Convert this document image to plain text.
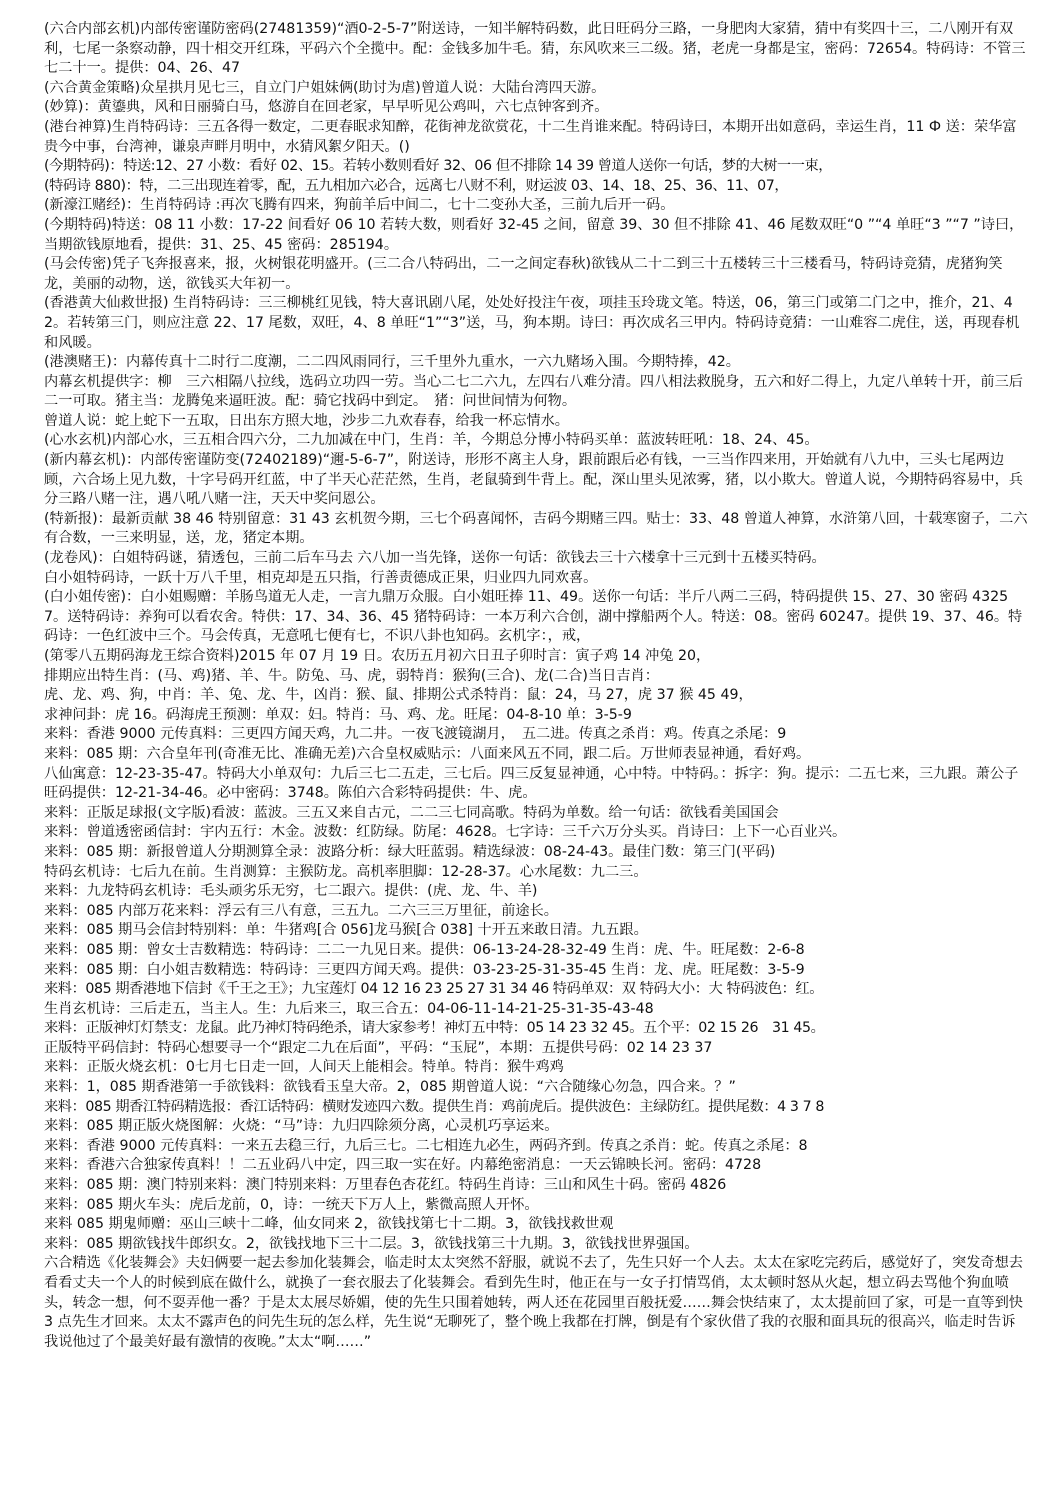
(六合内部玄机)内部传密谨防密码(27481359)“酒0-2-5-7”附送诗，一知半解特码数，此日旺码分三路，一身肥肉大家猜，猜中有奖四十三，二八刚开有双利，七尾一条察动静，四十相交开红珠，平码六个全揽中。配：金钱多加牛毛。猜，东风吹来三二级。猪，老虎一身都是宝，密码：72654。特码诗：不管三七二十一。提供：04、26、47

(六合黄金策略)众星拱月见七三，自立门户姐妹俩(助讨为虐)曾道人说：大陆台湾四天游。

(妙算)：黄鎏典，风和日丽骑白马，悠游自在回老家，早早听见公鸡叫，六七点钟客到齐。

(港台神算)生肖特码诗：三五各得一数定，二更春眠求知醉，花街神龙欲赏花，十二生肖谁来配。特码诗曰，本期开出如意码，幸运生肖，11 Ф 送：荣华富贵今中事，台湾神，谦泉声畔月明中，水猜风絮夕阳天。()

(今期特码)：特送:12、27 小数：看好 02、15。若转小数则看好 32、06 但不排除 14 39 曾道人送你一句话，梦的大树一一束，

(特码诗 880)：特，二三出现连着零，配，五九相加六必合，远离七八财不利，财运波 03、14、18、25、36、11、07，

(新濠江赌经)：生肖特码诗 :再次飞腾有四来，狗前羊后中间二，七十二变孙大圣，三前九后开一码。

(今期特码)特送：08 11 小数：17-22 间看好 06 10 若转大数，则看好 32-45 之间，留意 39、30 但不排除 41、46 尾数双旺“0 ”“4 单旺“3 ”“7 ”诗曰，当期欲钱原地看，提供：31、25、45 密码：285194。

(马会传密)凭子飞奔报喜来，报，火树银花明盛开。(三二合八特码出，二一之间定春秋)欲钱从二十二到三十五楼转三十三楼看马，特码诗竞猜，虎猪狗笑龙，美丽的动物，送，欲钱买大年初一。

(香港黄大仙救世报) 生肖特码诗：三三柳桃红见钱，特大喜讯剧八尾，处处好投注午夜，项挂玉玲珑文笔。特送，06，第三门或第二门之中，推介，21、42。若转第三门，则应注意 22、17 尾数，双旺，4、8 单旺“1”“3”送，马，狗本期。诗曰：再次成名三甲内。特码诗竟猜：一山难容二虎住，送，再现春机和风暖。

(港澳赌王)：内幕传真十二时行二度潮，二二四风雨同行，三千里外九重水，一六九赌场入围。今期特捧，42。

内幕玄机提供字：柳　三六相隔八拉线，选码立功四一劳。当心二七二六九，左四右八难分清。四八相法救脱身，五六和好二得上，九定八单转十开，前三后二一可取。猪主当：龙腾兔来逼旺波。配：骑它找码中到定。　猪：问世间情为何物。

曾道人说：蛇上蛇下一五取，日出东方照大地，沙步二九欢春春，给我一杯忘情水。

(心水玄机)内部心水，三五相合四六分，二九加减在中门，生肖：羊，今期总分博小特码买单：蓝波转旺吼：18、24、45。

(新内幕玄机)：内部传密谨防变(72402189)“邇-5-6-7”，附送诗，形形不离主人身，跟前跟后必有钱，一三当作四来用，开始就有八九中，三头七尾两边顾，六合场上见九数，十字号码开红蓝，中了半天心茫茫然，生肖，老鼠骑到牛背上。配，深山里头见浓雾，猪，以小欺大。曾道人说，今期特码容易中，兵分三路八赌一注，遇八吼八赌一注，天天中奖问恩公。

(特新报)：最新贡献 38 46 特别留意：31 43 玄机贺今期，三七个码喜闻怀，吉码今期赌三四。贴士：33、48 曾道人神算，水浒第八回，十载寒窗子，二六有合数，一三来明显，送，龙，猪定本期。

(龙卷风)：白姐特码谜，猜透包，三前二后车马去 六八加一当先锋，送你一句话：欲钱去三十六楼拿十三元到十五楼买特码。

白小姐特码诗，一跃十万八千里，相克却是五只指，行善责德成正果，归业四九同欢喜。

(白小姐传密)：白小姐赐赠：羊肠鸟道无人走，一言九鼎万众服。白小姐旺捧 11、49。送你一句话：半斤八两二三码，特码提供 15、27、30 密码 43257。送特码诗：养狗可以看农舍。特供：17、34、36、45 猪特码诗：一本万利六合创，湖中撑船两个人。特送：08。密码 60247。提供 19、37、46。特码诗：一色红波中三个。马会传真，无意吼七便有七，不识八卦也知码。玄机字：，戒，

(第零八五期码海龙王综合资料)2015 年 07 月 19 日。农历五月初六日丑子卯时言：寅子鸡 14 冲兔 20，

排期应出特生肖：(马、鸡)猪、羊、牛。防兔、马、虎，弱特肖：猴狗(三合)、龙(二合)当日吉肖：

虎、龙、鸡、狗，中肖：羊、兔、龙、牛，凶肖：猴、鼠、排期公式杀特肖：鼠：24，马 27，虎 37 猴 45 49，

求神问卦：虎 16。码海虎王预测：单双：妇。特肖：马、鸡、龙。旺尾：04-8-10 单：3-5-9

来料：香港 9000 元传真料：三更四方闻天鸡，九二井。一夜飞渡镜湖月，　五二进。传真之杀肖：鸡。传真之杀尾：9

来料：085 期：六合皇年刊(奇准无比、准确无差)六合皇权威贴示：八面来风五不同，跟二后。万世师表显神通，看好鸡。

八仙寓意：12-23-35-47。特码大小单双句：九后三七二五走，三七后。四三反复显神通，心中特。中特码。：拆字：狗。提示：二五七来，三九跟。萧公子旺码提供：12-21-34-46。必中密码：3748。陈伯六合彩特码提供：牛、虎。

来料：正版足球报(文字版)看波：蓝波。三五又来自古元，二二三七同高歌。特码为单数。给一句话：欲钱看美国国会

来料：曾道透密函信封：宇内五行：木金。波数：红防绿。防尾：4628。七字诗：三千六万分头买。肖诗曰：上下一心百业兴。

来料：085 期：新报曾道人分期测算全录：波路分析：绿大旺蓝弱。精选绿波：08-24-43。最佳门数：第三门(平码)

特码玄机诗：七后九在前。生肖测算：主猴防龙。高机率胆脚：12-28-37。心水尾数：九二三。

来料：九龙特码玄机诗：毛头顽劣乐无穷，七二跟六。提供：(虎、龙、牛、羊)

来料：085 内部万花来料：浮云有三八有意，三五九。二六三三万里征，前途长。

来料：085 期马会信封特别料：单：牛猪鸡[合 056]龙马猴[合 038] 十开五来敢日清。九五跟。

来料：085 期：曾女士吉数精选：特码诗：二二一九见日来。提供：06-13-24-28-32-49 生肖：虎、牛。旺尾数：2-6-8

来料：085 期：白小姐吉数精选：特码诗：三更四方闻天鸡。提供：03-23-25-31-35-45 生肖：龙、虎。旺尾数：3-5-9

来料：085 期香港地下信封《千王之王》；九宝莲灯 04 12 16 23 25 27 31 34 46 特码单双：双 特码大小：大 特码波色：红。

生肖玄机诗：三后走五，当主人。生：九后来三，取三合五：04-06-11-14-21-25-31-35-43-48

来料：正版神灯灯禁支：龙鼠。此乃神灯特码绝杀，请大家参考！神灯五中特：05 14 23 32 45。五个平：02 15 26　31 45。

正版特平码信封：特码心想要寻一个“跟定二九在后面”，平码：“玉屁”，本期：五提供号码：02 14 23 37

来料：正版火烧玄机：0七月七日走一回，人间天上能相会。特单。特肖：猴牛鸡鸡

来料：1，085 期香港第一手欲钱料：欲钱看玉皇大帝。2，085 期曾道人说：“六合随缘心勿急，四合来。？”

来料：085 期香江特码精选报：香江话特码：横财发迹四六数。提供生肖：鸡前虎后。提供波色：主绿防红。提供尾数：4 3 7 8

来料：085 期正版火烧图解：火烧：“马”诗：九归四除须分离，心灵机巧享运来。

来料：香港 9000 元传真料：一来五去稳三行，九后三七。二七相连九必生，两码齐到。传真之杀肖：蛇。传真之杀尾：8

来料：香港六合独家传真料！！二五业码八中定，四三取一实在好。内幕绝密消息：一天云锦映长河。密码：4728

来料：085 期：澳门特别来料：澳门特别来料：万里春色杏花红。特码生肖诗：三山和风生十码。密码 4826

来料：085 期火车头：虎后龙前，0，诗：一统天下万人上，紫微高照人开怀。

来料 085 期鬼师赠：巫山三峡十二峰，仙女同来 2，欲钱找第七十二期。3，欲钱找救世观

来料：085 期欲钱找牛郎织女。2，欲钱找地下三十二层。3，欲钱找第三十九期。3，欲钱找世界强国。

六合精选《化装舞会》夫妇俩要一起去参加化装舞会，临走时太太突然不舒服，就说不去了，先生只好一个人去。太太在家吃完药后，感觉好了，突发奇想去看看丈夫一个人的时候到底在做什么，就换了一套衣服去了化装舞会。看到先生时，他正在与一女子打情骂俏，太太顿时怒从火起，想立码去骂他个狗血喷头，转念一想，何不耍弄他一番？于是太太展尽娇媚，使的先生只围着她转，两人还在花园里百般抚爱……舞会快结束了，太太提前回了家，可是一直等到快 3 点先生才回来。太太不露声色的问先生玩的怎么样，先生说“无聊死了，整个晚上我都在打牌，倒是有个家伙借了我的衣服和面具玩的很高兴，临走时告诉我说他过了个最美好最有激情的夜晚。”太太“啊……”
